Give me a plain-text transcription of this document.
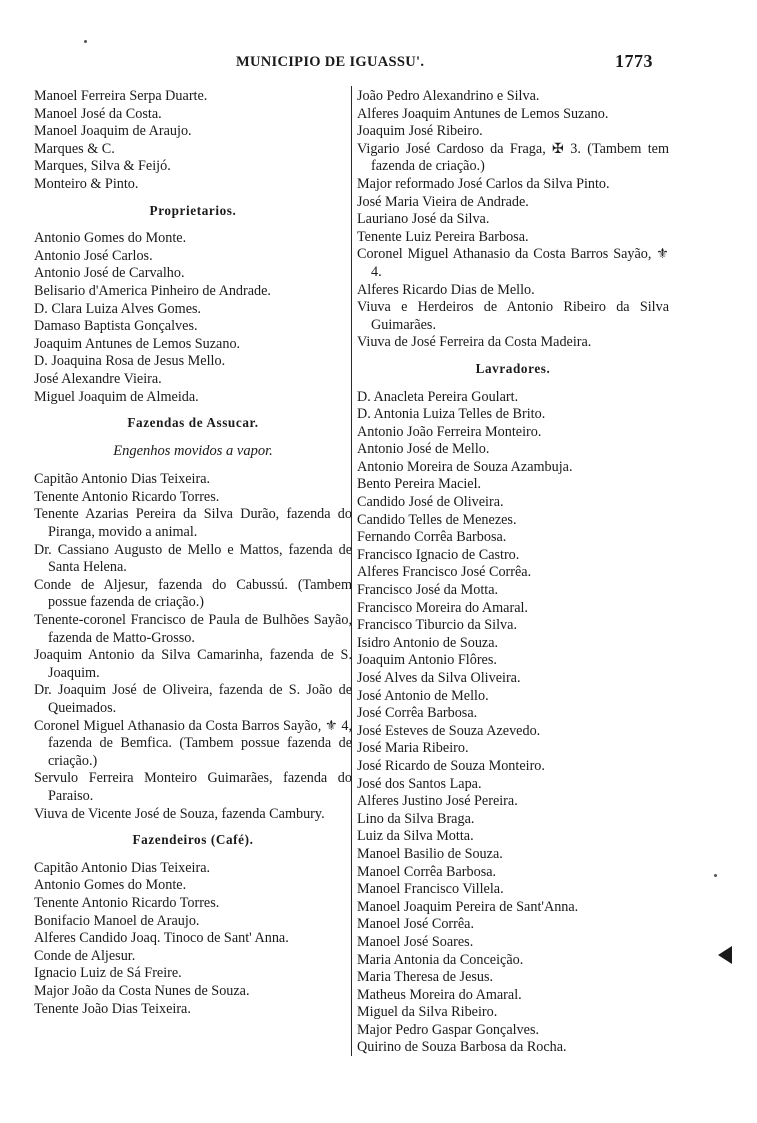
MUNICIPIO DE IGUASSU'.	1773
Manoel Ferreira Serpa Duarte.
Manoel José da Costa.
Manoel Joaquim de Araujo.
Marques & C.
Marques, Silva & Feijó.
Monteiro & Pinto.
Proprietarios.
Antonio Gomes do Monte.
Antonio José Carlos.
Antonio José de Carvalho.
Belisario d'America Pinheiro de Andrade.
D. Clara Luiza Alves Gomes.
Damaso Baptista Gonçalves.
Joaquim Antunes de Lemos Suzano.
D. Joaquina Rosa de Jesus Mello.
José Alexandre Vieira.
Miguel Joaquim de Almeida.
Fazendas de Assucar.
Engenhos movidos a vapor.
Capitão Antonio Dias Teixeira.
Tenente Antonio Ricardo Torres.
Tenente Azarias Pereira da Silva Durão, fazenda do Piranga, movido a animal.
Dr. Cassiano Augusto de Mello e Mattos, fazenda de Santa Helena.
Conde de Aljesur, fazenda do Cabussú. (Tambem possue fazenda de criação.)
Tenente-coronel Francisco de Paula de Bulhões Sayão, fazenda de Matto-Grosso.
Joaquim Antonio da Silva Camarinha, fazenda de S. Joaquim.
Dr. Joaquim José de Oliveira, fazenda de S. João de Queimados.
Coronel Miguel Athanasio da Costa Barros Sayão, ⚜ 4, fazenda de Bemfica. (Tambem possue fazenda de criação.)
Servulo Ferreira Monteiro Guimarães, fazenda do Paraiso.
Viuva de Vicente José de Souza, fazenda Cambury.
Fazendeiros (Café).
Capitão Antonio Dias Teixeira.
Antonio Gomes do Monte.
Tenente Antonio Ricardo Torres.
Bonifacio Manoel de Araujo.
Alferes Candido Joaq. Tinoco de Sant' Anna.
Conde de Aljesur.
Ignacio Luiz de Sá Freire.
Major João da Costa Nunes de Souza.
Tenente João Dias Teixeira.
João Pedro Alexandrino e Silva.
Alferes Joaquim Antunes de Lemos Suzano.
Joaquim José Ribeiro.
Vigario José Cardoso da Fraga, ✠ 3. (Tambem tem fazenda de criação.)
Major reformado José Carlos da Silva Pinto.
José Maria Vieira de Andrade.
Lauriano José da Silva.
Tenente Luiz Pereira Barbosa.
Coronel Miguel Athanasio da Costa Barros Sayão, ⚜ 4.
Alferes Ricardo Dias de Mello.
Viuva e Herdeiros de Antonio Ribeiro da Silva Guimarães.
Viuva de José Ferreira da Costa Madeira.
Lavradores.
D. Anacleta Pereira Goulart.
D. Antonia Luiza Telles de Brito.
Antonio João Ferreira Monteiro.
Antonio José de Mello.
Antonio Moreira de Souza Azambuja.
Bento Pereira Maciel.
Candido José de Oliveira.
Candido Telles de Menezes.
Fernando Corrêa Barbosa.
Francisco Ignacio de Castro.
Alferes Francisco José Corrêa.
Francisco José da Motta.
Francisco Moreira do Amaral.
Francisco Tiburcio da Silva.
Isidro Antonio de Souza.
Joaquim Antonio Flôres.
José Alves da Silva Oliveira.
José Antonio de Mello.
José Corrêa Barbosa.
José Esteves de Souza Azevedo.
José Maria Ribeiro.
José Ricardo de Souza Monteiro.
José dos Santos Lapa.
Alferes Justino José Pereira.
Lino da Silva Braga.
Luiz da Silva Motta.
Manoel Basilio de Souza.
Manoel Corrêa Barbosa.
Manoel Francisco Villela.
Manoel Joaquim Pereira de Sant'Anna.
Manoel José Corrêa.
Manoel José Soares.
Maria Antonia da Conceição.
Maria Theresa de Jesus.
Matheus Moreira do Amaral.
Miguel da Silva Ribeiro.
Major Pedro Gaspar Gonçalves.
Quirino de Souza Barbosa da Rocha.
